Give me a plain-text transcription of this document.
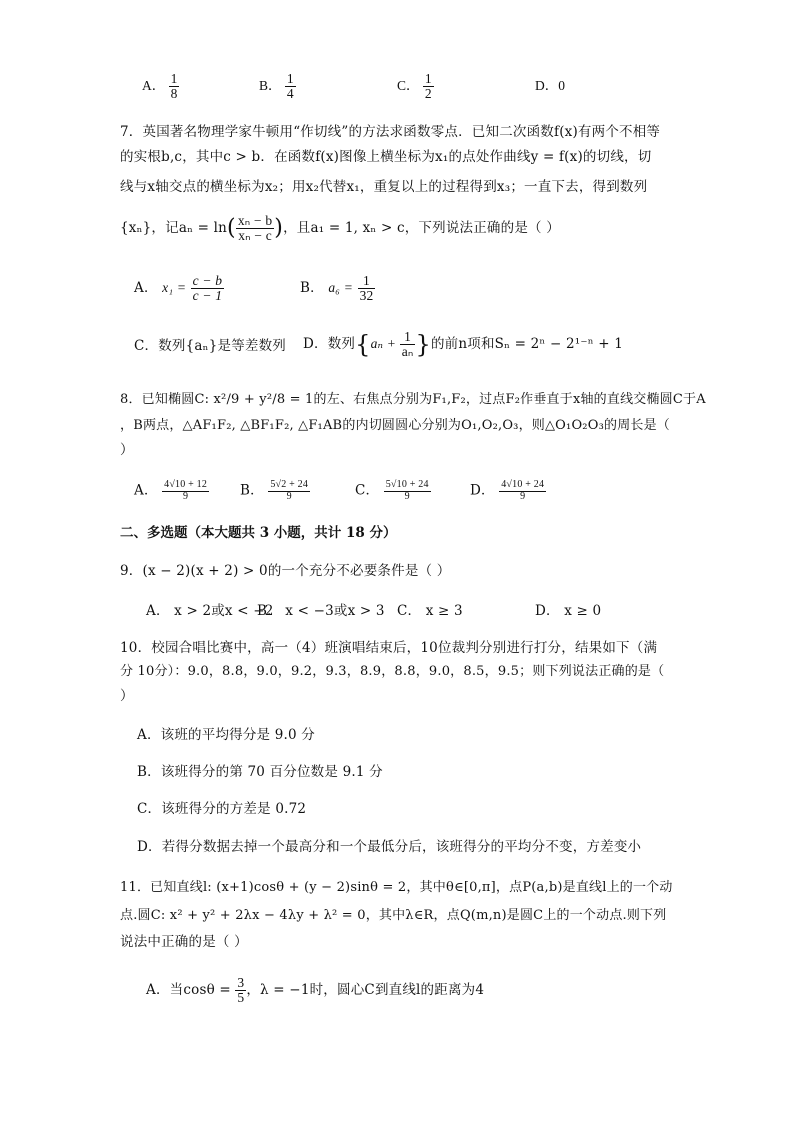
A． $\frac{1}{8}$	B． $\frac{1}{4}$	C． $\frac{1}{2}$	D．0
7．英国著名物理学家牛顿用“作切线”的方法求函数零点．已知二次函数f(x)有两个不相等
的实根b,c，其中c > b．在函数f(x)图像上横坐标为x₁的点处作曲线y = f(x)的切线，切
线与x轴交点的横坐标为x₂；用x₂代替x₁，重复以上的过程得到x₃；一直下去，得到数列
{xₙ}，记$a_n = \ln( \frac{\text{xₙ − b}}{\text{xₙ − c}}$ )，且a₁ = 1, xₙ > c，下列说法正确的是（ ）
A． $x_1 = \frac{c - b}{c - 1}$	B． $a_6 = \frac{1}{32}$
C．数列{aₙ}是等差数列 D．数列{$a_n + \frac{1}{\text{aₙ}}$ }的前n项和Sₙ = 2ⁿ − 2¹⁻ⁿ + 1
8．已知椭圆C: x²/9 + y²/8 = 1的左、右焦点分别为F₁,F₂，过点F₂作垂直于x轴的直线交椭圆C于A
，B两点，△AF₁F₂, △BF₁F₂, △F₁AB的内切圆圆心分别为O₁,O₂,O₃，则△O₁O₂O₃的周长是（
）
A． $\frac{4√10 + 12}{9}$ B． $\frac{5√2 + 24}{9}$	C． $\frac{5√10 + 24}{9}$	D． $\frac{4√10 + 24}{9}$
二、多选题（本大题共 3 小题，共计 18 分）
9．(x − 2)(x + 2) > 0的一个充分不必要条件是（ ）
A． x > 2或x < −2
B． x < −3或x > 3 C． x ≥ 3	D． x ≥ 0
10．校园合唱比赛中，高一（4）班演唱结束后，10位裁判分别进行打分，结果如下（满
分 10分）：9.0，8.8，9.0，9.2，9.3，8.9，8.8，9.0，8.5，9.5；则下列说法正确的是（
）
A．该班的平均得分是 9.0 分
B．该班得分的第 70 百分位数是 9.1 分
C．该班得分的方差是 0.72
D．若得分数据去掉一个最高分和一个最低分后，该班得分的平均分不变，方差变小
11．已知直线l: (x+1)cosθ + (y − 2)sinθ = 2，其中θ∈[0,π]，点P(a,b)是直线l上的一个动
点.圆C: x² + y² + 2λx − 4λy + λ² = 0，其中λ∈R，点Q(m,n)是圆C上的一个动点.则下列
说法中正确的是（ ）
A．当$\cos\theta = \frac{3}{5}$ ，λ = −1时，圆心C到直线l的距离为4
